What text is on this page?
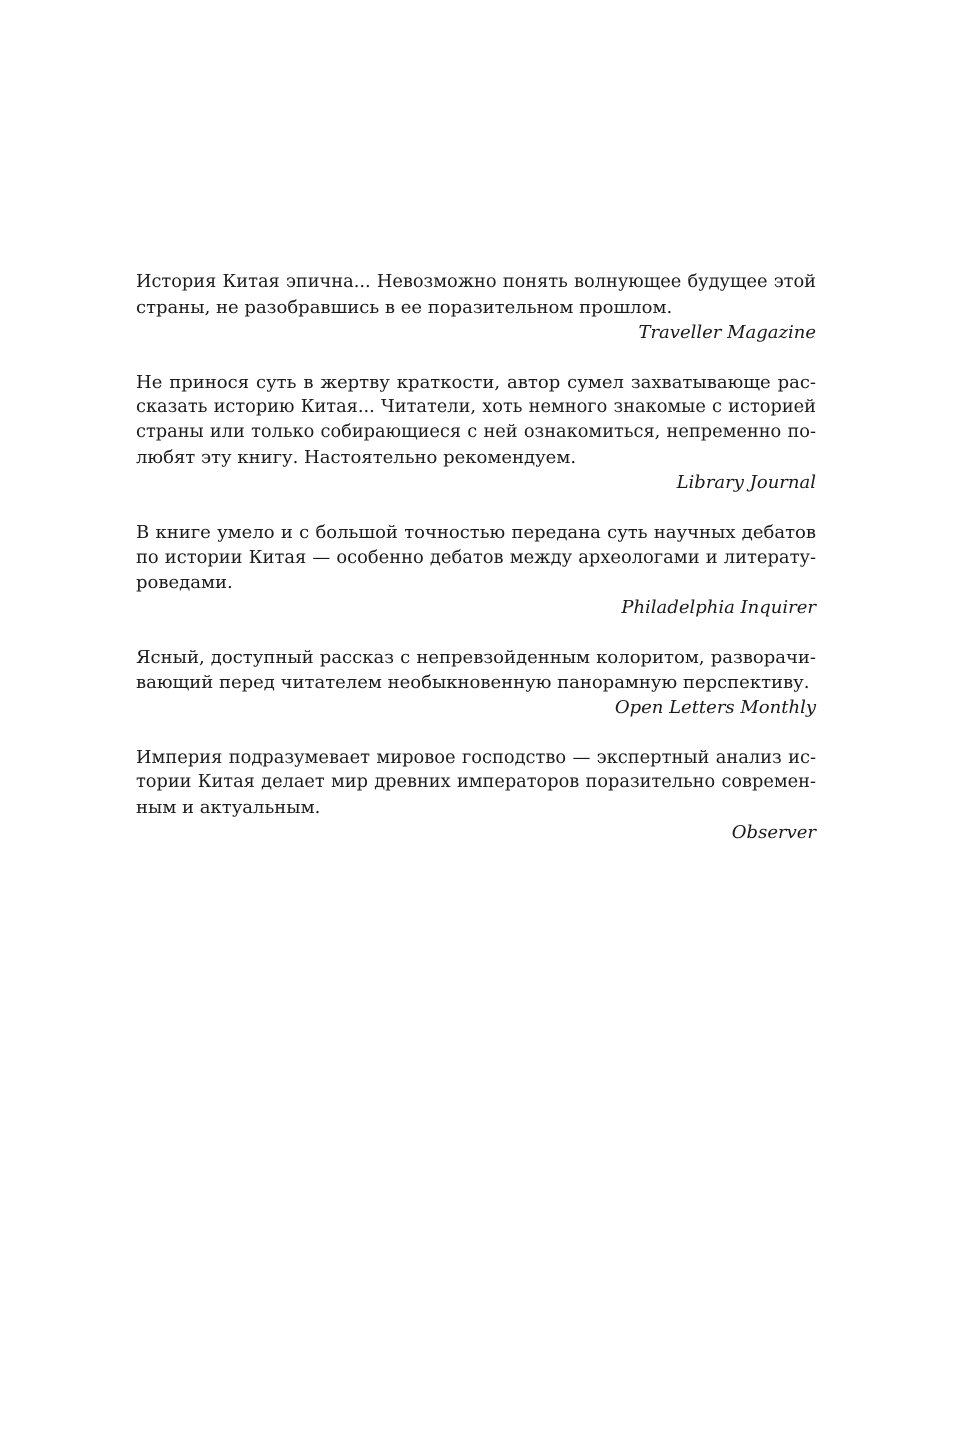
История Китая эпична... Невозможно понять волнующее будущее этой
страны, не разобравшись в ее поразительном прошлом.
Traveller Magazine
Не принося суть в жертву краткости, автор сумел захватывающе рас-
сказать историю Китая... Читатели, хоть немного знакомые с историей
страны или только собирающиеся с ней ознакомиться, непременно по-
любят эту книгу. Настоятельно рекомендуем.
Library Journal
В книге умело и с большой точностью передана суть научных дебатов
по истории Китая — особенно дебатов между археологами и литерату-
роведами.
Philadelphia Inquirer
Ясный, доступный рассказ с непревзойденным колоритом, разворачи-
вающий перед читателем необыкновенную панорамную перспективу.
Open Letters Monthly
Империя подразумевает мировое господство — экспертный анализ ис-
тории Китая делает мир древних императоров поразительно современ-
ным и актуальным.
Observer
